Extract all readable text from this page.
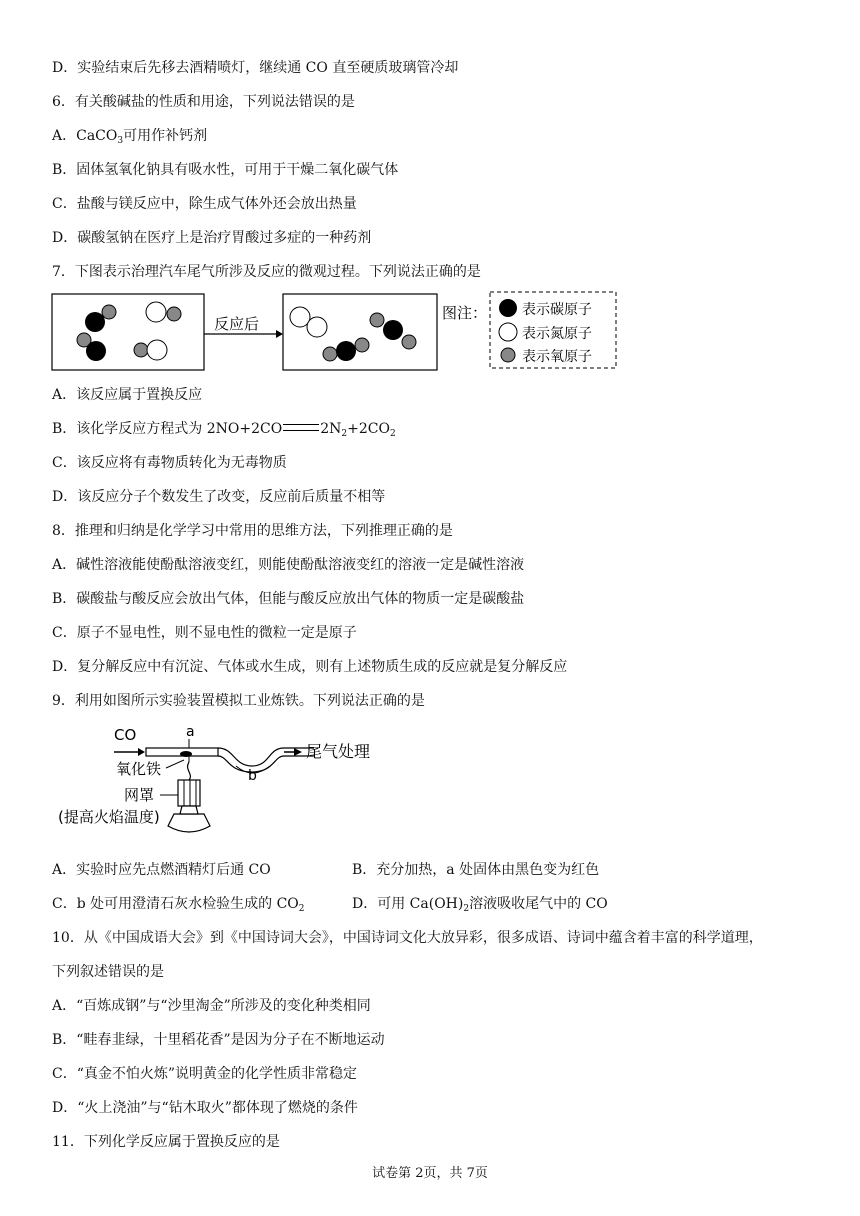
D．实验结束后先移去酒精喷灯，继续通 CO 直至硬质玻璃管冷却
6．有关酸碱盐的性质和用途，下列说法错误的是
A．CaCO$_3$可用作补钙剂
B．固体氢氧化钠具有吸水性，可用于干燥二氧化碳气体
C．盐酸与镁反应中，除生成气体外还会放出热量
D．碳酸氢钠在医疗上是治疗胃酸过多症的一种药剂
7．下图表示治理汽车尾气所涉及反应的微观过程。下列说法正确的是
反应后
图注： 表示碳原子
表示氮原子
表示氧原子
A．该反应属于置换反应
B．该化学反应方程式为 2NO+2CO	$2N_2+2CO_2$
C．该反应将有毒物质转化为无毒物质
D．该反应分子个数发生了改变，反应前后质量不相等
8．推理和归纳是化学学习中常用的思维方法，下列推理正确的是
A．碱性溶液能使酚酞溶液变红，则能使酚酞溶液变红的溶液一定是碱性溶液
B．碳酸盐与酸反应会放出气体，但能与酸反应放出气体的物质一定是碳酸盐
C．原子不显电性，则不显电性的微粒一定是原子
D．复分解反应中有沉淀、气体或水生成，则有上述物质生成的反应就是复分解反应
9．利用如图所示实验装置模拟工业炼铁。下列说法正确的是
CO	a
b
尾气处理
氧化铁
网罩
(提高火焰温度)
A．实验时应先点燃酒精灯后通 CO	B．充分加热，a 处固体由黑色变为红色
C．b 处可用澄清石灰水检验生成的 $CO_2$	D．可用 $Ca(OH)_2$溶液吸收尾气中的 CO
10．从《中国成语大会》到《中国诗词大会》，中国诗词文化大放异彩，很多成语、诗词中蕴含着丰富的科学道理，
下列叙述错误的是
A．“百炼成钢”与“沙里淘金”所涉及的变化种类相同
B．“畦春韭绿，十里稻花香”是因为分子在不断地运动
C．“真金不怕火炼”说明黄金的化学性质非常稳定
D．“火上浇油”与“钻木取火”都体现了燃烧的条件
11．下列化学反应属于置换反应的是
试卷第 2页，共 7页
